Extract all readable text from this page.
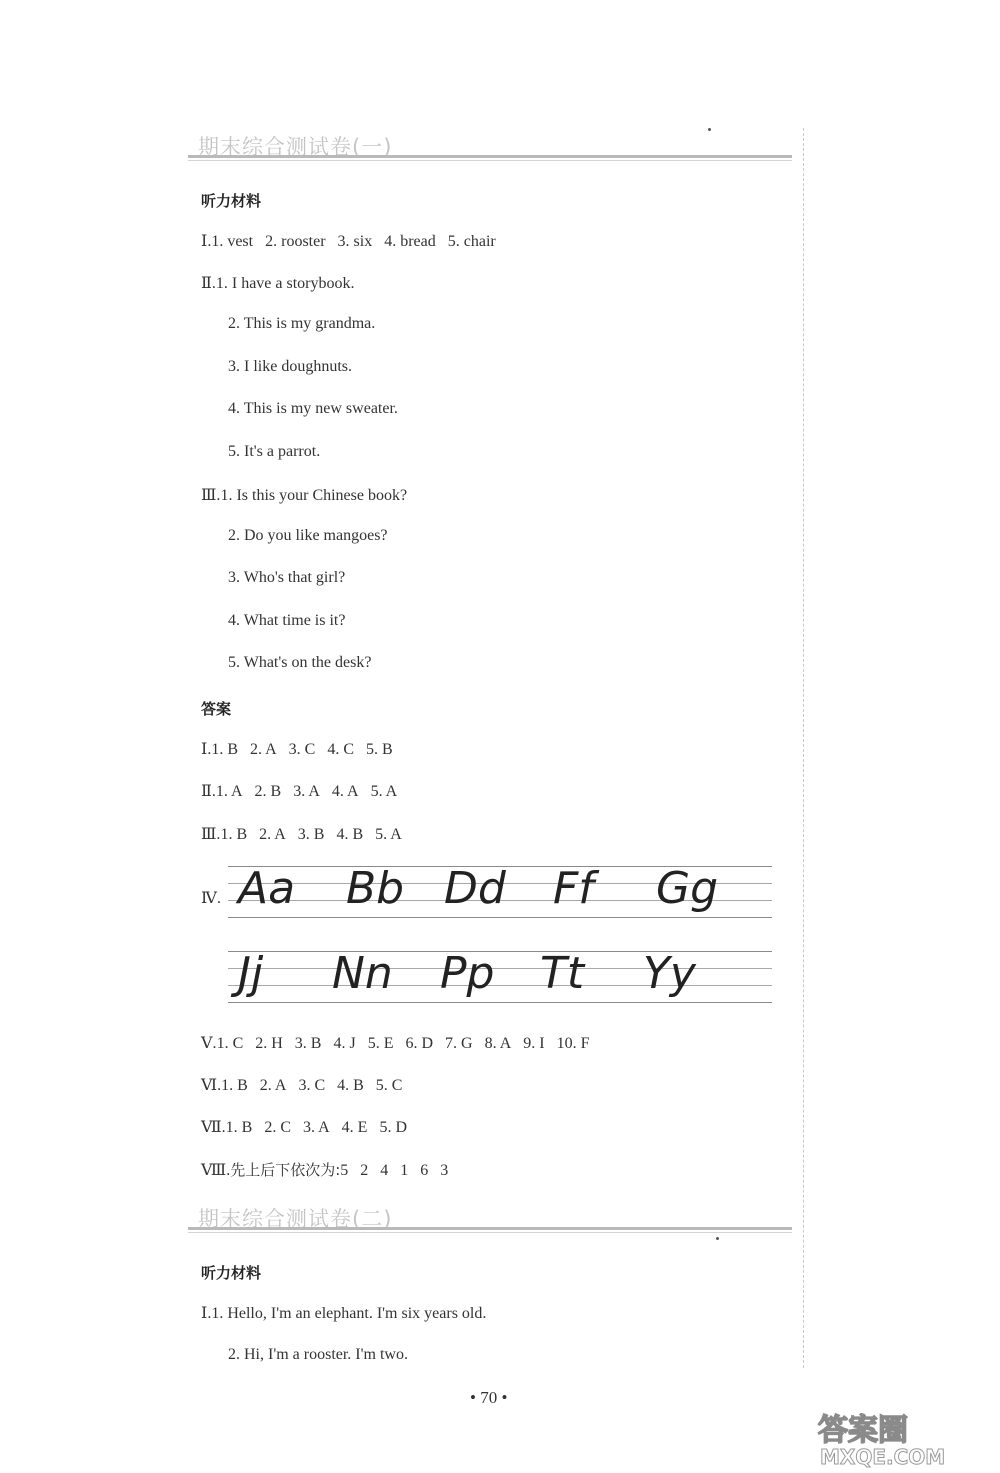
期末综合测试卷(一)
听力材料
Ⅰ.1. vest 2. rooster 3. six 4. bread 5. chair
Ⅱ.1. I have a storybook.
2. This is my grandma.
3. I like doughnuts.
4. This is my new sweater.
5. It's a parrot.
Ⅲ.1. Is this your Chinese book?
2. Do you like mangoes?
3. Who's that girl?
4. What time is it?
5. What's on the desk?
答案
Ⅰ.1. B 2. A 3. C 4. C 5. B
Ⅱ.1. A 2. B 3. A 4. A 5. A
Ⅲ.1. B 2. A 3. B 4. B 5. A
Ⅳ. Aa Bb Dd Ff Gg
Jj Nn Pp Tt Yy
Ⅴ.1. C 2. H 3. B 4. J 5. E 6. D 7. G 8. A 9. I 10. F
Ⅵ.1. B 2. A 3. C 4. B 5. C
Ⅶ.1. B 2. C 3. A 4. E 5. D
Ⅷ.先上后下依次为:5 2 4 1 6 3
期末综合测试卷(二)
听力材料
Ⅰ.1. Hello, I'm an elephant. I'm six years old.
2. Hi, I'm a rooster. I'm two.
• 70 •
答案圈
MXQE.COM
